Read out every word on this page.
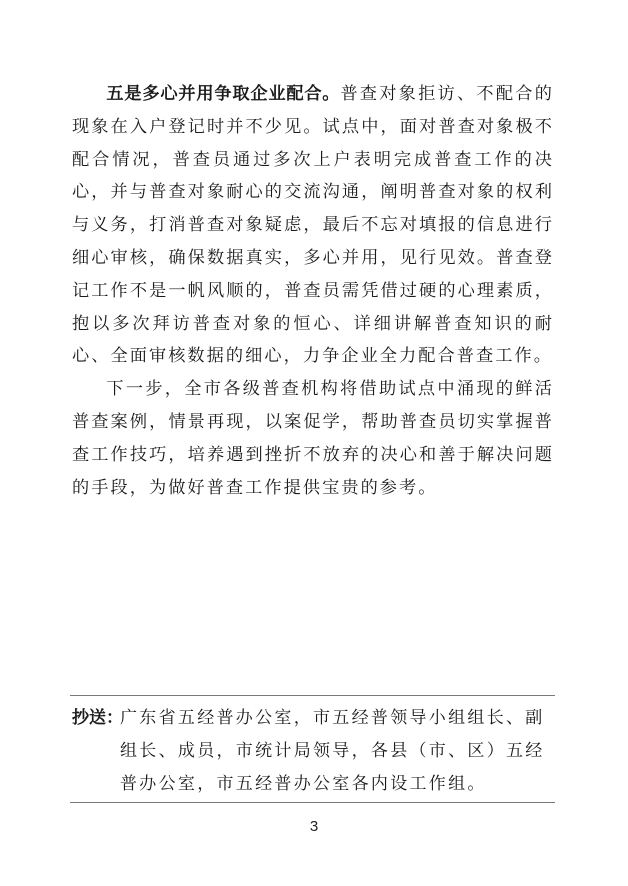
五是多心并用争取企业配合。普查对象拒访、不配合的现象在入户登记时并不少见。试点中，面对普查对象极不配合情况，普查员通过多次上户表明完成普查工作的决心，并与普查对象耐心的交流沟通，阐明普查对象的权利与义务，打消普查对象疑虑，最后不忘对填报的信息进行细心审核，确保数据真实，多心并用，见行见效。普查登记工作不是一帆风顺的，普查员需凭借过硬的心理素质，抱以多次拜访普查对象的恒心、详细讲解普查知识的耐心、全面审核数据的细心，力争企业全力配合普查工作。

下一步，全市各级普查机构将借助试点中涌现的鲜活普查案例，情景再现，以案促学，帮助普查员切实掌握普查工作技巧，培养遇到挫折不放弃的决心和善于解决问题的手段，为做好普查工作提供宝贵的参考。

抄送：
广东省五经普办公室，市五经普领导小组组长、副组长、成员，市统计局领导，各县（市、区）五经普办公室，市五经普办公室各内设工作组。
3
